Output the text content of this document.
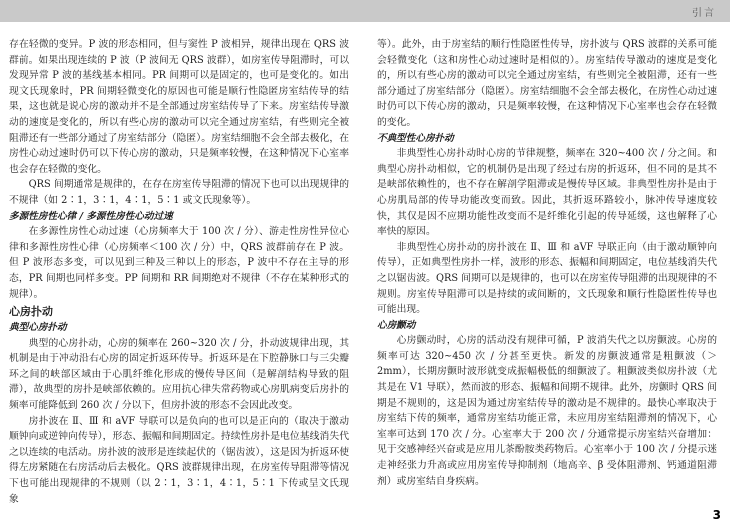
引言

存在轻微的变异。P 波的形态相同，但与窦性 P 波相异，规律出现在 QRS 波群前。如果出现连续的 P 波（P 波间无 QRS 波群），如房室传导阻滞时，可以发现异常 P 波的基线基本相同。PR 间期可以是固定的，也可是变化的。如出现文氏现象时，PR 间期轻微变化的原因也可能是顺行性隐匿房室结传导的结果，这也就是说心房的激动并不是全部通过房室结传导了下来。房室结传导激动的速度是变化的，所以有些心房的激动可以完全通过房室结，有些则完全被阻滞还有一些部分通过了房室结部分（隐匿）。房室结细胞不会全部去极化，在房性心动过速时仍可以下传心房的激动，只是频率较慢，在这种情况下心室率也会存在轻微的变化。

QRS 间期通常是规律的，在存在房室传导阻滞的情况下也可以出现规律的不规律（如 2∶1，3∶1，4∶1，5∶1 或文氏现象等）。

多源性房性心律 / 多源性房性心动过速

在多源性房性心动过速（心房频率大于 100 次 / 分）、游走性房性异位心律和多源性房性心律（心房频率＜100 次 / 分）中，QRS 波群前存在 P 波。但 P 波形态多变，可以见到三种及三种以上的形态，P 波中不存在主导的形态，PR 间期也同样多变。PP 间期和 RR 间期绝对不规律（不存在某种形式的规律）。

心房扑动
典型心房扑动

典型的心房扑动，心房的频率在 260~320 次 / 分，扑动波规律出现，其机制是由于冲动沿右心房的固定折返环传导。折返环是在下腔静脉口与三尖瓣环之间的峡部区域由于心肌纤维化形成的慢传导区间（是解剖结构导致的阻滞），故典型的房扑是峡部依赖的。应用抗心律失常药物或心房肌病变后房扑的频率可能降低到 260 次 / 分以下，但房扑波的形态不会因此改变。

房扑波在 Ⅱ、Ⅲ 和 aVF 导联可以是负向的也可以是正向的（取决于激动顺钟向或逆钟向传导），形态、振幅和间期固定。持续性房扑是电位基线消失代之以连续的电活动。房扑波的波形是连续起伏的（锯齿波），这是因为折返环使得左房紧随在右房活动后去极化。QRS 波群规律出现，在房室传导阻滞等情况下也可能出现规律的不规则（以 2∶1，3∶1，4∶1，5∶1 下传或呈文氏现象

等）。此外，由于房室结的顺行性隐匿性传导，房扑波与 QRS 波群的关系可能会轻微变化（这和房性心动过速时是相似的）。房室结传导激动的速度是变化的，所以有些心房的激动可以完全通过房室结，有些则完全被阻滞，还有一些部分通过了房室结部分（隐匿）。房室结细胞不会全部去极化，在房性心动过速时仍可以下传心房的激动，只是频率较慢，在这种情况下心室率也会存在轻微的变化。

不典型性心房扑动

非典型性心房扑动时心房的节律规整，频率在 320~400 次 / 分之间。和典型心房扑动相似，它的机制仍是出现了经过右房的折返环，但不同的是其不是峡部依赖性的，也不存在解剖学阻滞或是慢传导区域。非典型性房扑是由于心房肌局部的传导功能改变而致。因此，其折返环路较小，脉冲传导速度较快，其仅是因不应期功能性改变而不是纤维化引起的传导延缓，这也解释了心率快的原因。

非典型性心房扑动的房扑波在 Ⅱ、Ⅲ 和 aVF 导联正向（由于激动顺钟向传导），正如典型性房扑一样，波形的形态、振幅和间期固定，电位基线消失代之以锯齿波。QRS 间期可以是规律的，也可以在房室传导阻滞的出现规律的不规则。房室传导阻滞可以是持续的或间断的，文氏现象和顺行性隐匿性传导也可能出现。

心房颤动

心房颤动时，心房的活动没有规律可循，P 波消失代之以房颤波。心房的频率可达 320~450 次 / 分甚至更快。新发的房颤波通常是粗颤波（＞2mm），长期房颤时波形就变成振幅极低的细颤波了。粗颤波类似房扑波（尤其是在 V1 导联），然而波的形态、振幅和间期不规律。此外，房颤时 QRS 间期是不规则的，这是因为通过房室结传导的激动是不规律的。最快心率取决于房室结下传的频率，通常房室结功能正常，未应用房室结阻滞剂的情况下，心室率可达到 170 次 / 分。心室率大于 200 次 / 分通常提示房室结兴奋增加：见于交感神经兴奋或是应用儿茶酚胺类药物后。心室率小于 100 次 / 分提示迷走神经张力升高或应用房室传导抑制剂（地高辛、β 受体阻滞剂、钙通道阻滞剂）或房室结自身疾病。

3
